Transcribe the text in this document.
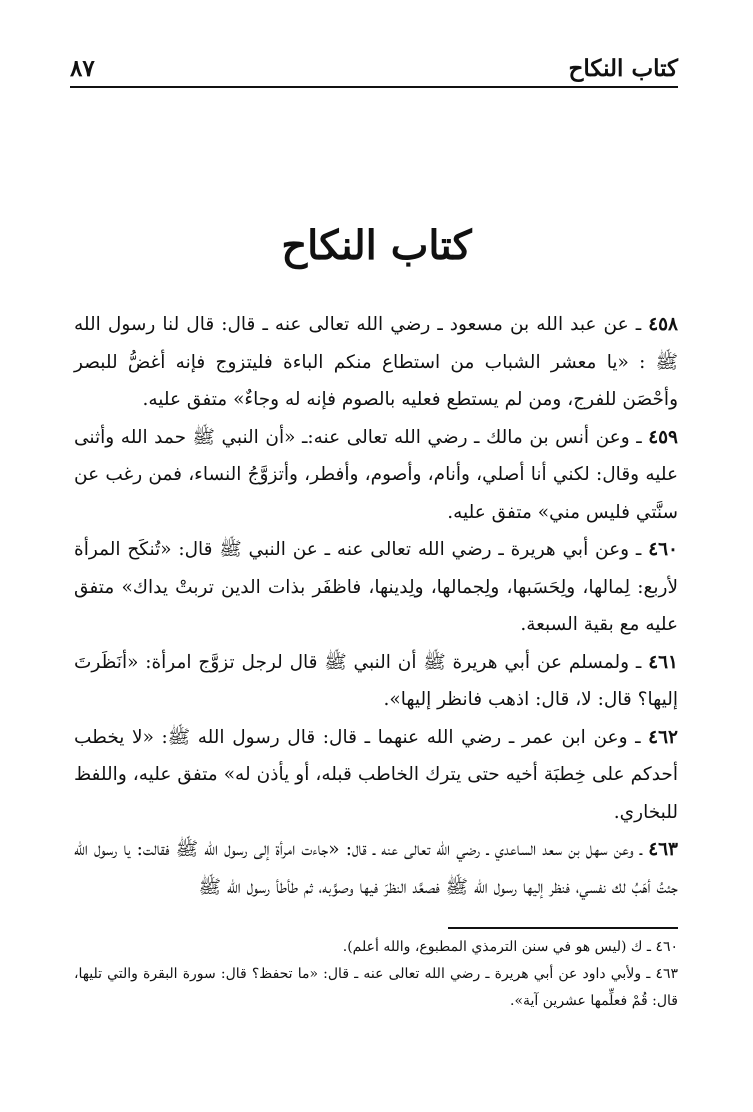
كتاب النكاح
٨٧
كتاب النكاح

٤٥٨ ـ عن عبد الله بن مسعود ـ رضي الله تعالى عنه ـ قال: قال لنا رسول الله ﷺ : «يا معشر الشباب من استطاع منكم الباءة فليتزوج فإنه أغضُّ للبصر وأحْصَن للفرج، ومن لم يستطع فعليه بالصوم فإنه له وجاءٌ» متفق عليه.

٤٥٩ ـ وعن أنس بن مالك ـ رضي الله تعالى عنه:ـ «أن النبي ﷺ حمد الله وأثنى عليه وقال: لكني أنا أصلي، وأنام، وأصوم، وأفطر، وأتزوَّجُ النساء، فمن رغب عن سنَّتي فليس مني» متفق عليه.

٤٦٠ ـ وعن أبي هريرة ـ رضي الله تعالى عنه ـ عن النبي ﷺ قال: «تُنكَح المرأة لأربع: لِمالها، ولِحَسَبها، ولِجمالها، ولِدينها، فاظفَر بذات الدين تربتْ يداك» متفق عليه مع بقية السبعة.

٤٦١ ـ ولمسلم عن أبي هريرة ﷺ أن النبي ﷺ قال لرجل تزوَّج امرأة: «أنَظَرتَ إليها؟ قال: لا، قال: اذهب فانظر إليها».

٤٦٢ ـ وعن ابن عمر ـ رضي الله عنهما ـ قال: قال رسول الله ﷺ: «لا يخطب أحدكم على خِطبَة أخيه حتى يترك الخاطب قبله، أو يأذن له» متفق عليه، واللفظ للبخاري.

٤٦٣ ـ وعن سهل بن سعد الساعدي ـ رضي الله تعالى عنه ـ قال: «جاءت امرأة إلى رسول الله ﷺ فقالت: يا رسول الله جئتُ أهَبُ لك نفسي، فنظر إليها رسول الله ﷺ فصعَّد النظرَ فيها وصوَّبه، ثم طأطأ رسول الله ﷺ

٤٦٠ ـ ك (ليس هو في سنن الترمذي المطبوع، والله أعلم).

٤٦٣ ـ ولأبي داود عن أبي هريرة ـ رضي الله تعالى عنه ـ قال: «ما تحفظ؟ قال: سورة البقرة والتي تليها، قال: قُمْ فعلِّمها عشرين آية».
